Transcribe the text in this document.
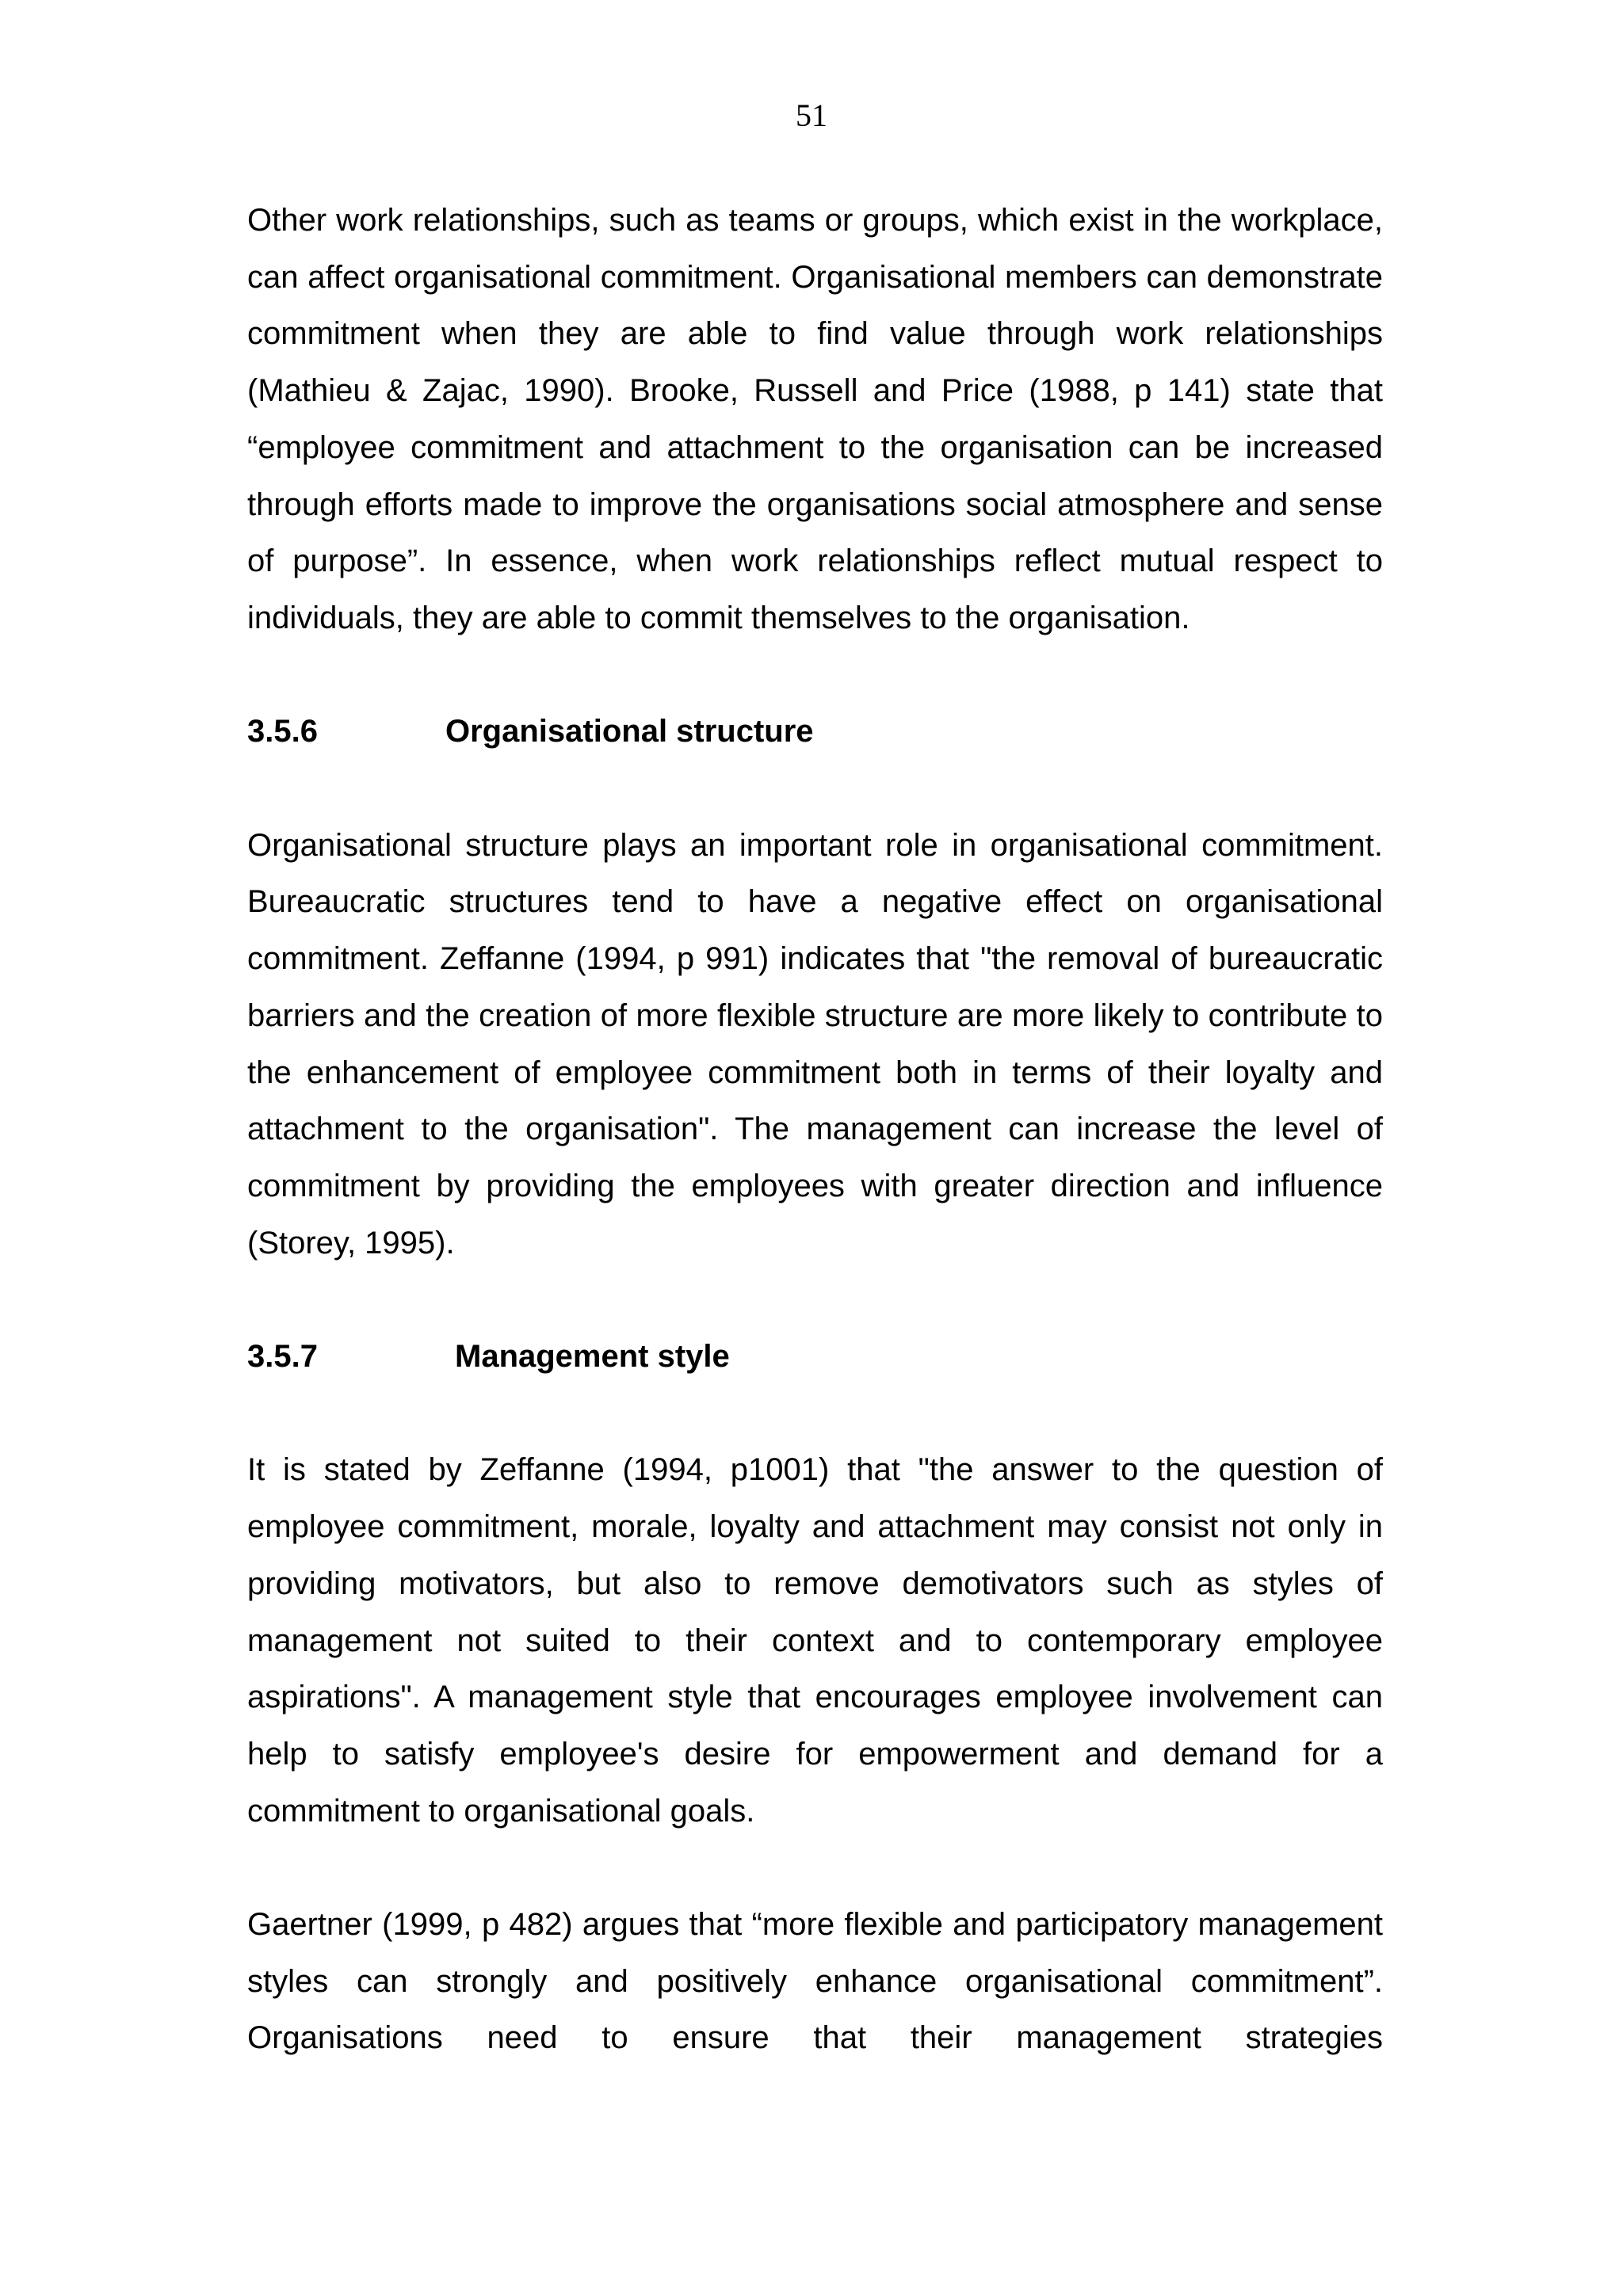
51

Other work relationships, such as teams or groups, which exist in the workplace, can affect organisational commitment. Organisational members can demonstrate commitment when they are able to find value through work relationships (Mathieu & Zajac, 1990). Brooke, Russell and Price (1988, p 141) state that “employee commitment and attachment to the organisation can be increased through efforts made to improve the organisations social atmosphere and sense of purpose”. In essence, when work relationships reflect mutual respect to individuals, they are able to commit themselves to the organisation.

3.5.6	Organisational structure

Organisational structure plays an important role in organisational commitment. Bureaucratic structures tend to have a negative effect on organisational commitment. Zeffanne (1994, p 991) indicates that "the removal of bureaucratic barriers and the creation of more flexible structure are more likely to contribute to the enhancement of employee commitment both in terms of their loyalty and attachment to the organisation". The management can increase the level of commitment by providing the employees with greater direction and influence (Storey, 1995).

3.5.7	Management style

It is stated by Zeffanne (1994, p1001) that "the answer to the question of employee commitment, morale, loyalty and attachment may consist not only in providing motivators, but also to remove demotivators such as styles of management not suited to their context and to contemporary employee aspirations". A management style that encourages employee involvement can help to satisfy employee's desire for empowerment and demand for a commitment to organisational goals.

Gaertner (1999, p 482) argues that “more flexible and participatory management styles can strongly and positively enhance organisational commitment”. Organisations need to ensure that their management strategies
